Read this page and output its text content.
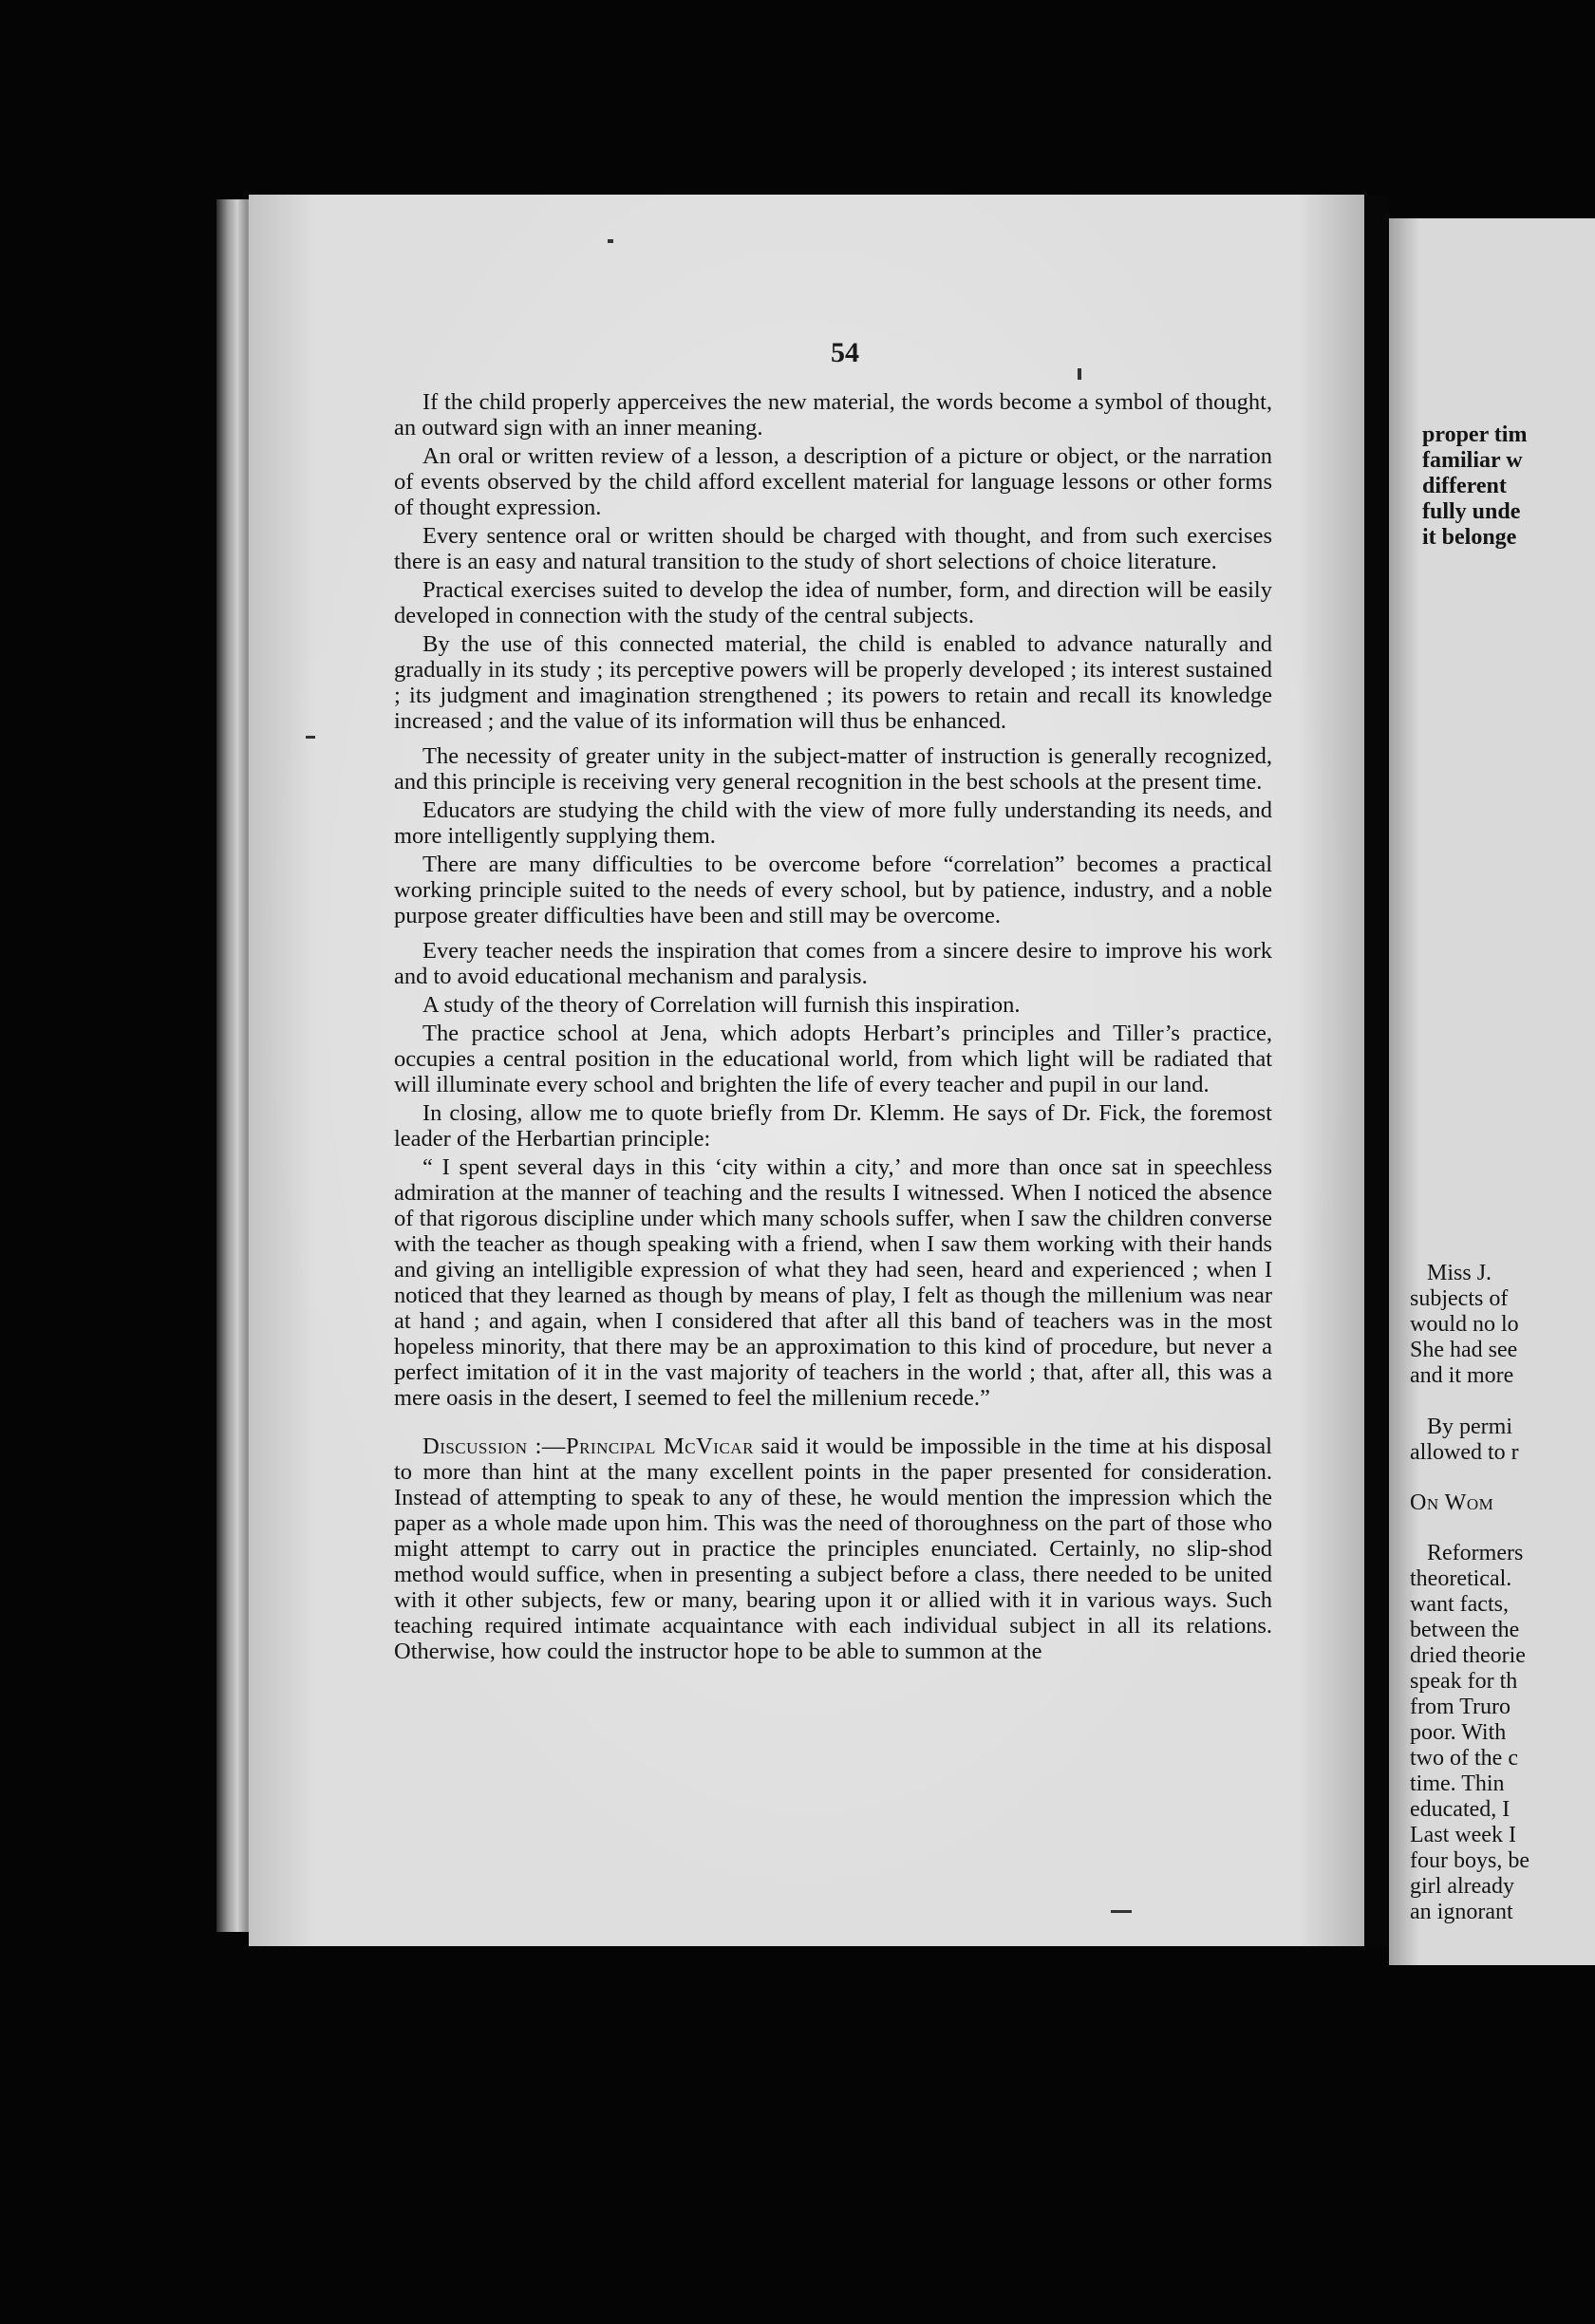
54

If the child properly apperceives the new material, the words become a symbol of thought, an outward sign with an inner meaning.

An oral or written review of a lesson, a description of a picture or object, or the narration of events observed by the child afford excellent material for language lessons or other forms of thought expression.

Every sentence oral or written should be charged with thought, and from such exercises there is an easy and natural transition to the study of short selections of choice literature.

Practical exercises suited to develop the idea of number, form, and direction will be easily developed in connection with the study of the central subjects.

By the use of this connected material, the child is enabled to advance naturally and gradually in its study ; its perceptive powers will be properly developed ; its interest sustained ; its judgment and imagination strengthened ; its powers to retain and recall its knowledge increased ; and the value of its information will thus be enhanced.

The necessity of greater unity in the subject-matter of instruction is generally recognized, and this principle is receiving very general recognition in the best schools at the present time.

Educators are studying the child with the view of more fully understanding its needs, and more intelligently supplying them.

There are many difficulties to be overcome before “correlation” becomes a practical working principle suited to the needs of every school, but by patience, industry, and a noble purpose greater difficulties have been and still may be overcome.

Every teacher needs the inspiration that comes from a sincere desire to improve his work and to avoid educational mechanism and paralysis.

A study of the theory of Correlation will furnish this inspiration.

The practice school at Jena, which adopts Herbart’s principles and Tiller’s practice, occupies a central position in the educational world, from which light will be radiated that will illuminate every school and brighten the life of every teacher and pupil in our land.

In closing, allow me to quote briefly from Dr. Klemm. He says of Dr. Fick, the foremost leader of the Herbartian principle:

“ I spent several days in this ‘city within a city,’ and more than once sat in speechless admiration at the manner of teaching and the results I witnessed. When I noticed the absence of that rigorous discipline under which many schools suffer, when I saw the children converse with the teacher as though speaking with a friend, when I saw them working with their hands and giving an intelligible expression of what they had seen, heard and experienced ; when I noticed that they learned as though by means of play, I felt as though the millenium was near at hand ; and again, when I considered that after all this band of teachers was in the most hopeless minority, that there may be an approximation to this kind of procedure, but never a perfect imitation of it in the vast majority of teachers in the world ; that, after all, this was a mere oasis in the desert, I seemed to feel the millenium recede.”

Discussion :—Principal McVicar said it would be impossible in the time at his disposal to more than hint at the many excellent points in the paper presented for consideration. Instead of attempting to speak to any of these, he would mention the impression which the paper as a whole made upon him. This was the need of thoroughness on the part of those who might attempt to carry out in practice the principles enunciated. Certainly, no slip-shod method would suffice, when in presenting a subject before a class, there needed to be united with it other subjects, few or many, bearing upon it or allied with it in various ways. Such teaching required intimate acquaintance with each individual subject in all its relations. Otherwise, how could the instructor hope to be able to summon at the

proper tim
familiar w
different
fully unde
it belonge
Miss J.
subjects of
would no lo
She had see
and it more
By permi
allowed to r
On Wom
Reformers
theoretical.
want facts,
between the
dried theorie
speak for th
from Truro
poor. With
two of the c
time. Thin
educated, I
Last week I
four boys, be
girl already
an ignorant
